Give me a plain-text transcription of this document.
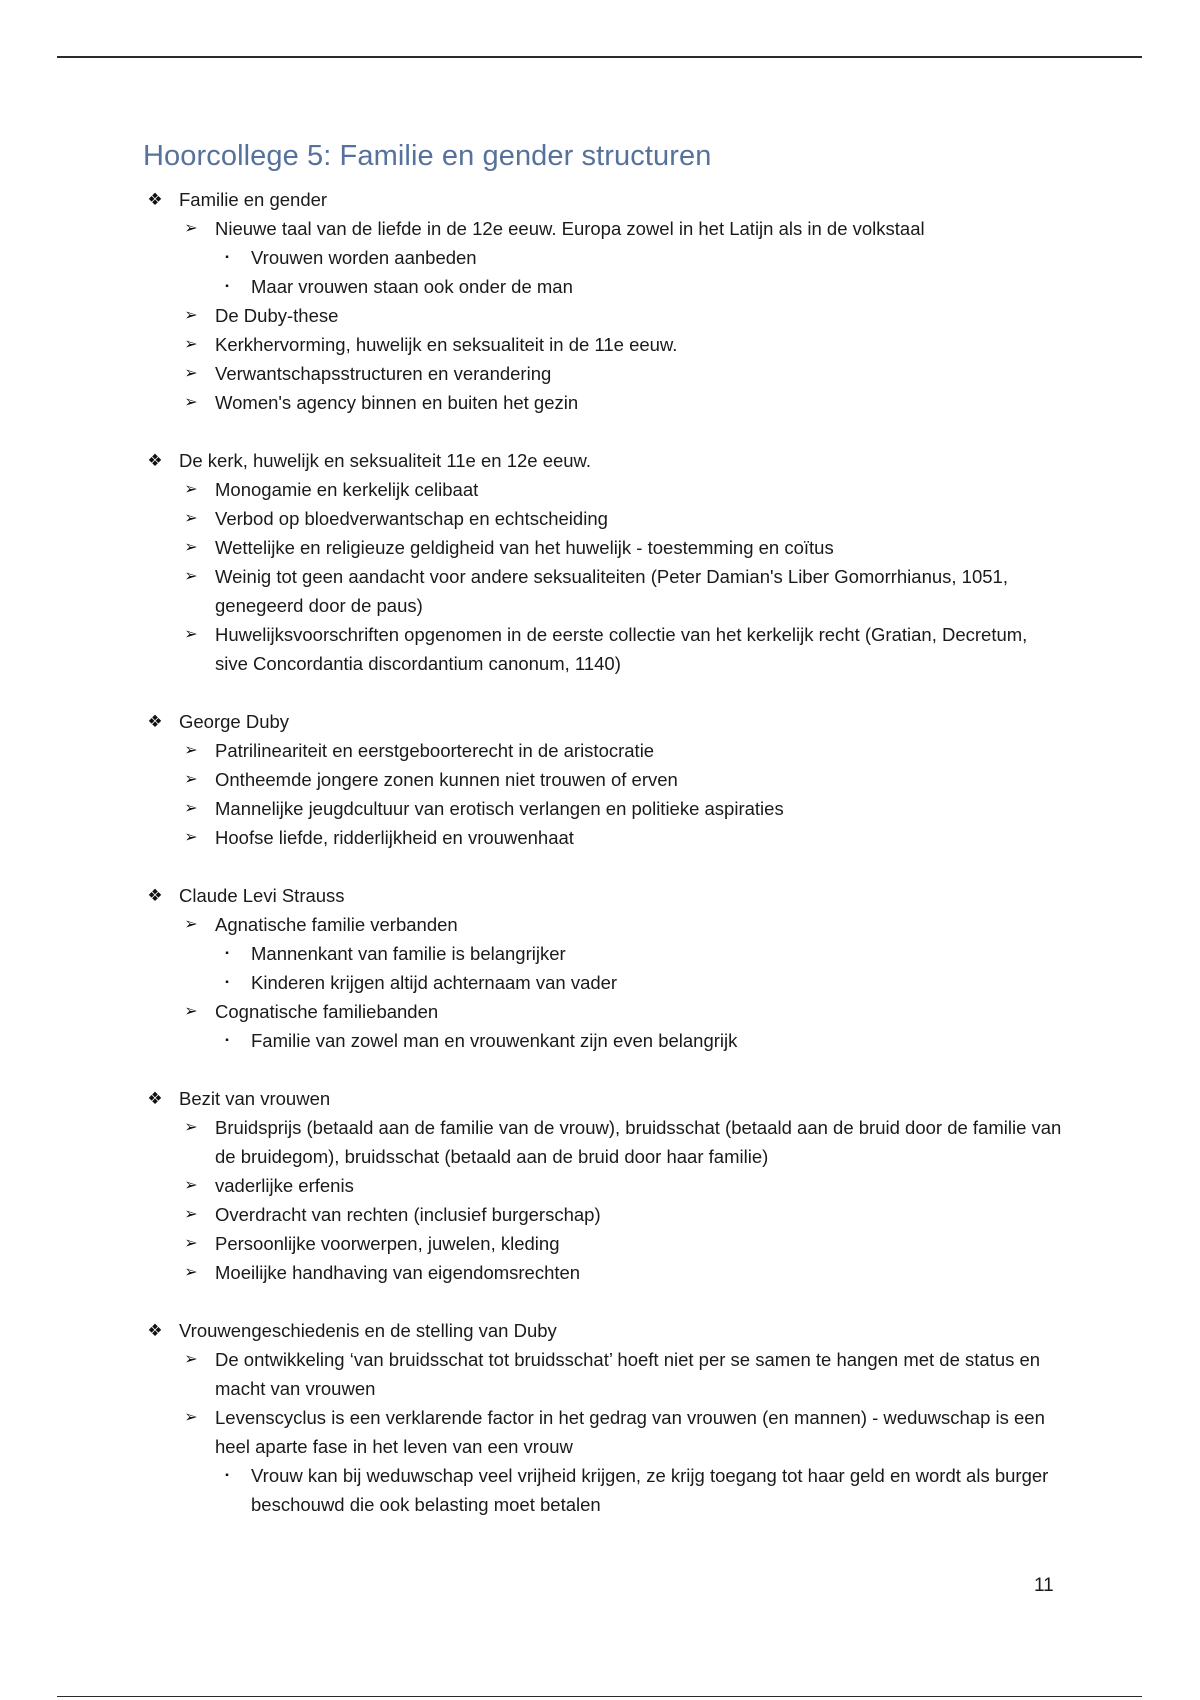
Hoorcollege 5: Familie en gender structuren
❖ Familie en gender
➢ Nieuwe taal van de liefde in de 12e eeuw. Europa zowel in het Latijn als in de volkstaal
▪	Vrouwen worden aanbeden
▪	Maar vrouwen staan ook onder de man
➢ De Duby-these
➢ Kerkhervorming, huwelijk en seksualiteit in de 11e eeuw.
➢ Verwantschapsstructuren en verandering
➢ Women's agency binnen en buiten het gezin
❖ De kerk, huwelijk en seksualiteit 11e en 12e eeuw.
➢ Monogamie en kerkelijk celibaat
➢ Verbod op bloedverwantschap en echtscheiding
➢ Wettelijke en religieuze geldigheid van het huwelijk - toestemming en coïtus
➢ Weinig tot geen aandacht voor andere seksualiteiten (Peter Damian's Liber Gomorrhianus, 1051, genegeerd door de paus)
➢ Huwelijksvoorschriften opgenomen in de eerste collectie van het kerkelijk recht (Gratian, Decretum, sive Concordantia discordantium canonum, 1140)
❖ George Duby
➢ Patrilineariteit en eerstgeboorterecht in de aristocratie
➢ Ontheemde jongere zonen kunnen niet trouwen of erven
➢ Mannelijke jeugdcultuur van erotisch verlangen en politieke aspiraties
➢ Hoofse liefde, ridderlijkheid en vrouwenhaat
❖ Claude Levi Strauss
➢ Agnatische familie verbanden
▪	Mannenkant van familie is belangrijker
▪	Kinderen krijgen altijd achternaam van vader
➢ Cognatische familiebanden
▪	Familie van zowel man en vrouwenkant zijn even belangrijk
❖ Bezit van vrouwen
➢ Bruidsprijs (betaald aan de familie van de vrouw), bruidsschat (betaald aan de bruid door de familie van de bruidegom), bruidsschat (betaald aan de bruid door haar familie)
➢ vaderlijke erfenis
➢ Overdracht van rechten (inclusief burgerschap)
➢ Persoonlijke voorwerpen, juwelen, kleding
➢ Moeilijke handhaving van eigendomsrechten
❖ Vrouwengeschiedenis en de stelling van Duby
➢ De ontwikkeling ‘van bruidsschat tot bruidsschat’ hoeft niet per se samen te hangen met de status en macht van vrouwen
➢ Levenscyclus is een verklarende factor in het gedrag van vrouwen (en mannen) - weduwschap is een heel aparte fase in het leven van een vrouw
▪	Vrouw kan bij weduwschap veel vrijheid krijgen, ze krijg toegang tot haar geld en wordt als burger beschouwd die ook belasting moet betalen
11
